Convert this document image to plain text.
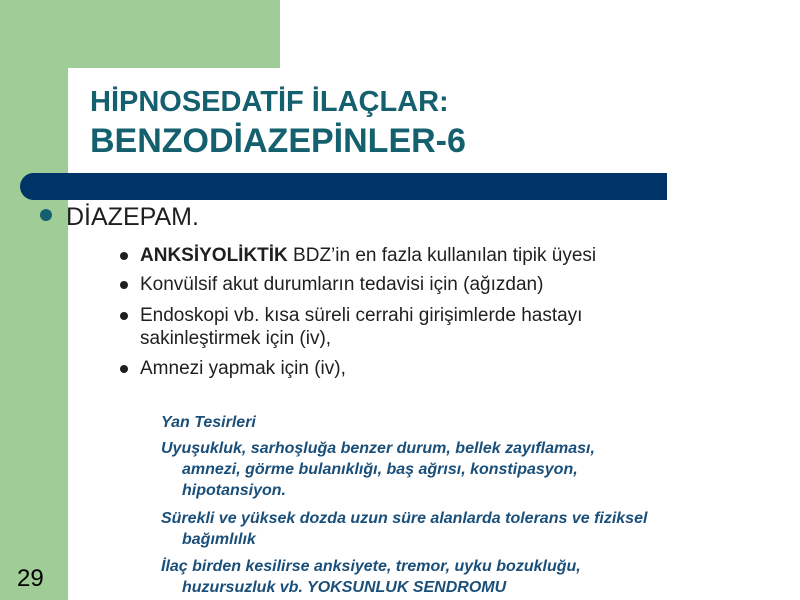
HİPNOSEDATİF İLAÇLAR:
BENZODİAZEPİNLER-6
DİAZEPAM.
ANKSİYOLİKTİK BDZ’in en fazla kullanılan tipik üyesi
Konvülsif akut durumların tedavisi için (ağızdan)
Endoskopi vb. kısa süreli cerrahi girişimlerde hastayı
sakinleştirmek için (iv),
Amnezi yapmak için (iv),
Yan Tesirleri
Uyuşukluk, sarhoşluğa benzer durum, bellek zayıflaması,
amnezi, görme bulanıklığı, baş ağrısı, konstipasyon,
hipotansiyon.
Sürekli ve yüksek dozda uzun süre alanlarda tolerans ve fiziksel
bağımlılık
İlaç birden kesilirse anksiyete, tremor, uyku bozukluğu,
huzursuzluk vb. YOKSUNLUK SENDROMU
29
